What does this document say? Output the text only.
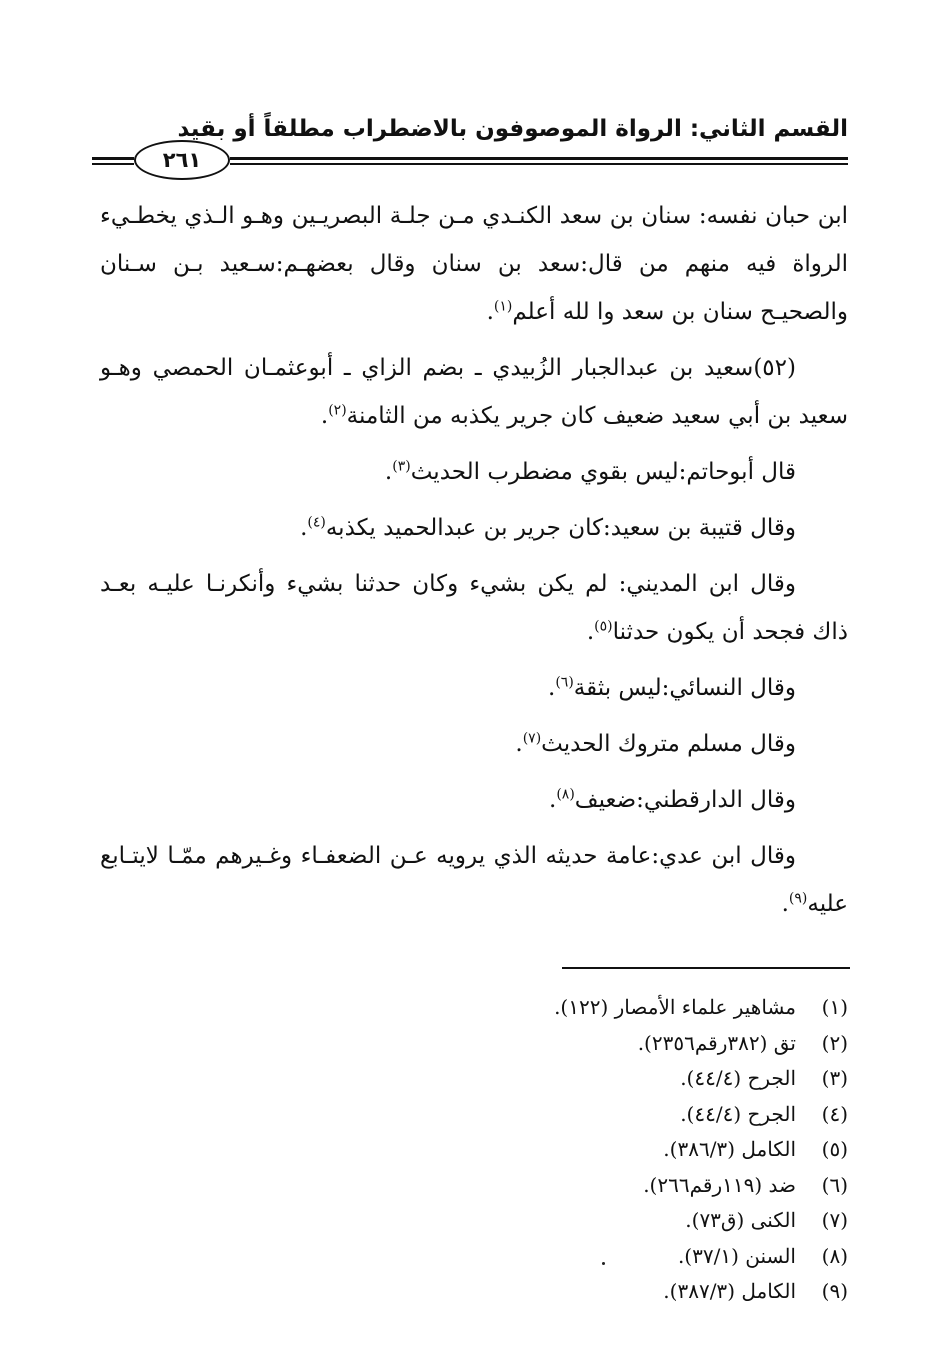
القسم الثاني: الرواة الموصوفون بالاضطراب مطلقاً أو بقيد
٢٦١

ابن حبان نفسه: سنان بن سعد الكنـدي مـن جلـة البصريـين وهـو الـذي يخطـيء الرواة فيه منهم من قال:سعد بن سنان وقال بعضهـم:سـعيد بـن سـنان والصحيـح سنان بن سعد وا لله أعلم$^{(١)}$.

(٥٢)سعيد بن عبدالجبار الزُبيدي ـ بضم الزاي ـ أبوعثمـان الحمصي وهـو سعيد بن أبي سعيد ضعيف كان جرير يكذبه من الثامنة$^{(٢)}$.

قال أبوحاتم:ليس بقوي مضطرب الحديث$^{(٣)}$.

وقال قتيبة بن سعيد:كان جرير بن عبدالحميد يكذبه$^{(٤)}$.

وقال ابن المديني: لم يكن بشيء وكان حدثنا بشيء وأنكرنـا عليـه بعـد ذاك فجحد أن يكون حدثنا$^{(٥)}$.

وقال النسائي:ليس بثقة$^{(٦)}$.

وقال مسلم متروك الحديث$^{(٧)}$.

وقال الدارقطني:ضعيف$^{(٨)}$.

وقال ابن عدي:عامة حديثه الذي يرويه عـن الضعفـاء وغـيرهم ممّـا لايتـابع عليه$^{(٩)}$.

(١)
مشاهير علماء الأمصار (١٢٢).
(٢)
تق (٣٨٢رقم٢٣٥٦).
(٣)
الجرح (٤٤/٤).
(٤)
الجرح (٤٤/٤).
(٥)
الكامل (٣٨٦/٣).
(٦)
ضد (١١٩رقم٢٦٦).
(٧)
الكنى (ق٧٣).
(٨)
السنن (٣٧/١).
(٩)
الكامل (٣٨٧/٣).
